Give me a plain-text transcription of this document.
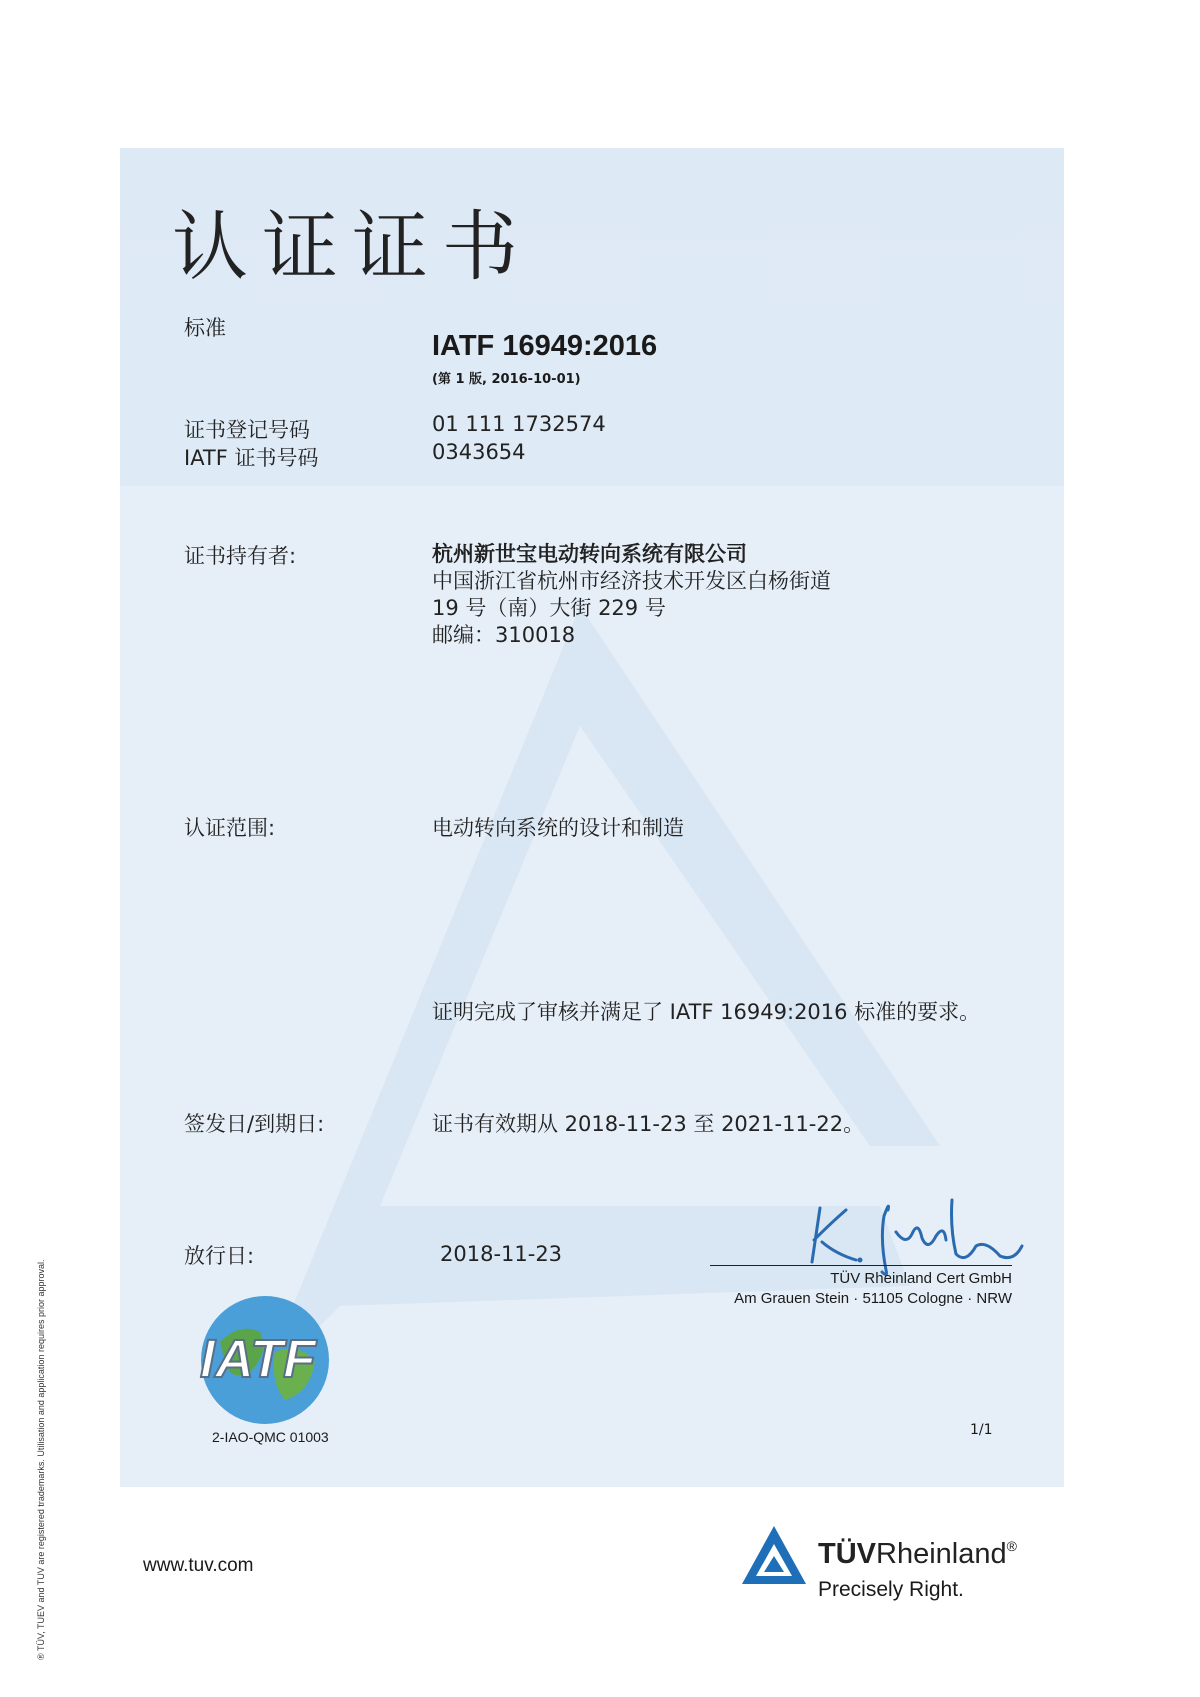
认证证书
标准
IATF 16949:2016
(第 1 版, 2016-10-01)
证书登记号码	01 111 1732574
IATF 证书号码	0343654
证书持有者:	杭州新世宝电动转向系统有限公司
中国浙江省杭州市经济技术开发区白杨街道
19 号（南）大街 229 号
邮编：310018
认证范围:	电动转向系统的设计和制造
证明完成了审核并满足了 IATF 16949:2016 标准的要求。
签发日/到期日:	证书有效期从 2018-11-23 至 2021-11-22。
放行日:	2018-11-23
TÜV Rheinland Cert GmbH
Am Grauen Stein · 51105 Cologne · NRW
IATF
2-IAO-QMC 01003	1/1
www.tuv.com	TÜVRheinland®
Precisely Right.
® TÜV, TUEV and TUV are registered trademarks. Utilisation and application requires prior approval.
